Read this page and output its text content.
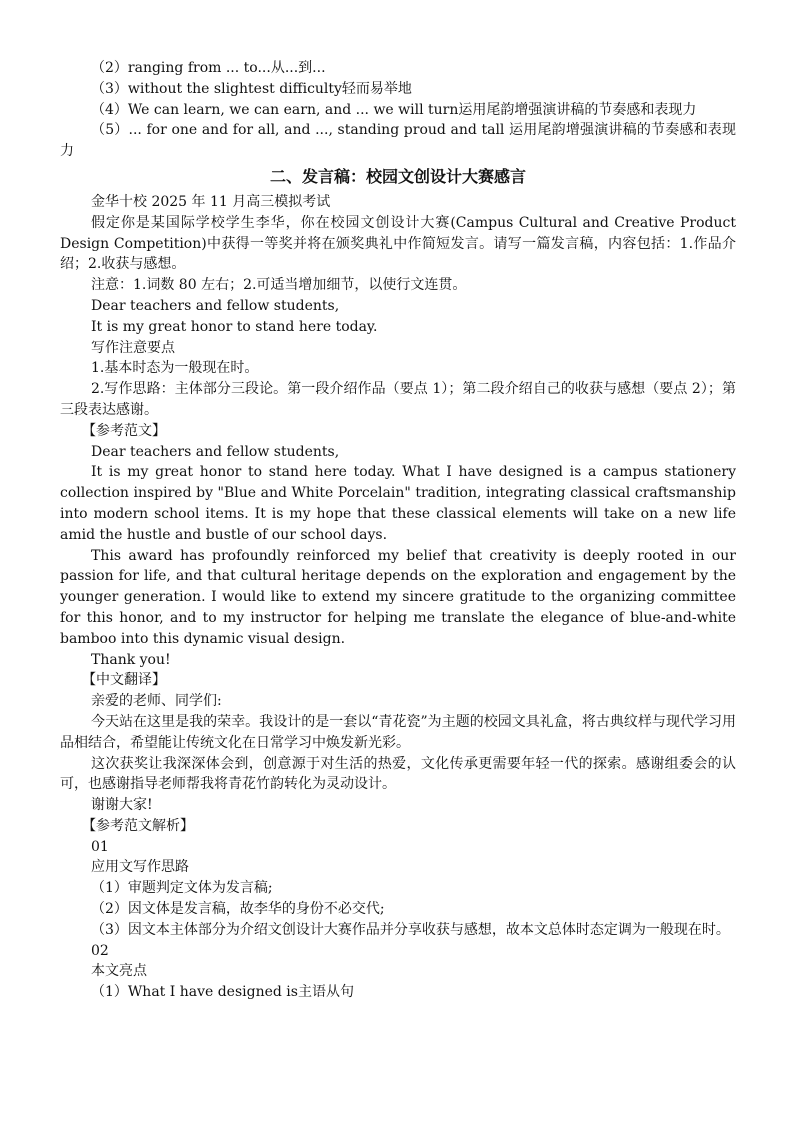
（2）ranging from ... to...从...到...

（3）without the slightest difficulty轻而易举地

（4）We can learn, we can earn, and ... we will turn运用尾韵增强演讲稿的节奏感和表现力

（5）... for one and for all, and ..., standing proud and tall 运用尾韵增强演讲稿的节奏感和表现力

二、发言稿：校园文创设计大赛感言

金华十校 2025 年 11 月高三模拟考试

假定你是某国际学校学生李华，你在校园文创设计大赛(Campus Cultural and Creative Product Design Competition)中获得一等奖并将在颁奖典礼中作简短发言。请写一篇发言稿，内容包括：1.作品介绍；2.收获与感想。

注意：1.词数 80 左右；2.可适当增加细节，以使行文连贯。

Dear teachers and fellow students,

It is my great honor to stand here today.

写作注意要点

1.基本时态为一般现在时。

2.写作思路：主体部分三段论。第一段介绍作品（要点 1）；第二段介绍自己的收获与感想（要点 2）；第三段表达感谢。

【参考范文】

Dear teachers and fellow students,

It is my great honor to stand here today. What I have designed is a campus stationery collection inspired by "Blue and White Porcelain" tradition, integrating classical craftsmanship into modern school items. It is my hope that these classical elements will take on a new life amid the hustle and bustle of our school days.

This award has profoundly reinforced my belief that creativity is deeply rooted in our passion for life, and that cultural heritage depends on the exploration and engagement by the younger generation. I would like to extend my sincere gratitude to the organizing committee for this honor, and to my instructor for helping me translate the elegance of blue-and-white bamboo into this dynamic visual design.

Thank you!

【中文翻译】

亲爱的老师、同学们:

今天站在这里是我的荣幸。我设计的是一套以“青花瓷”为主题的校园文具礼盒，将古典纹样与现代学习用品相结合，希望能让传统文化在日常学习中焕发新光彩。

这次获奖让我深深体会到，创意源于对生活的热爱，文化传承更需要年轻一代的探索。感谢组委会的认可，也感谢指导老师帮我将青花竹韵转化为灵动设计。

谢谢大家!

【参考范文解析】

01

应用文写作思路

（1）审题判定文体为发言稿;

（2）因文体是发言稿，故李华的身份不必交代;

（3）因文本主体部分为介绍文创设计大赛作品并分享收获与感想，故本文总体时态定调为一般现在时。

02

本文亮点

（1）What I have designed is主语从句
